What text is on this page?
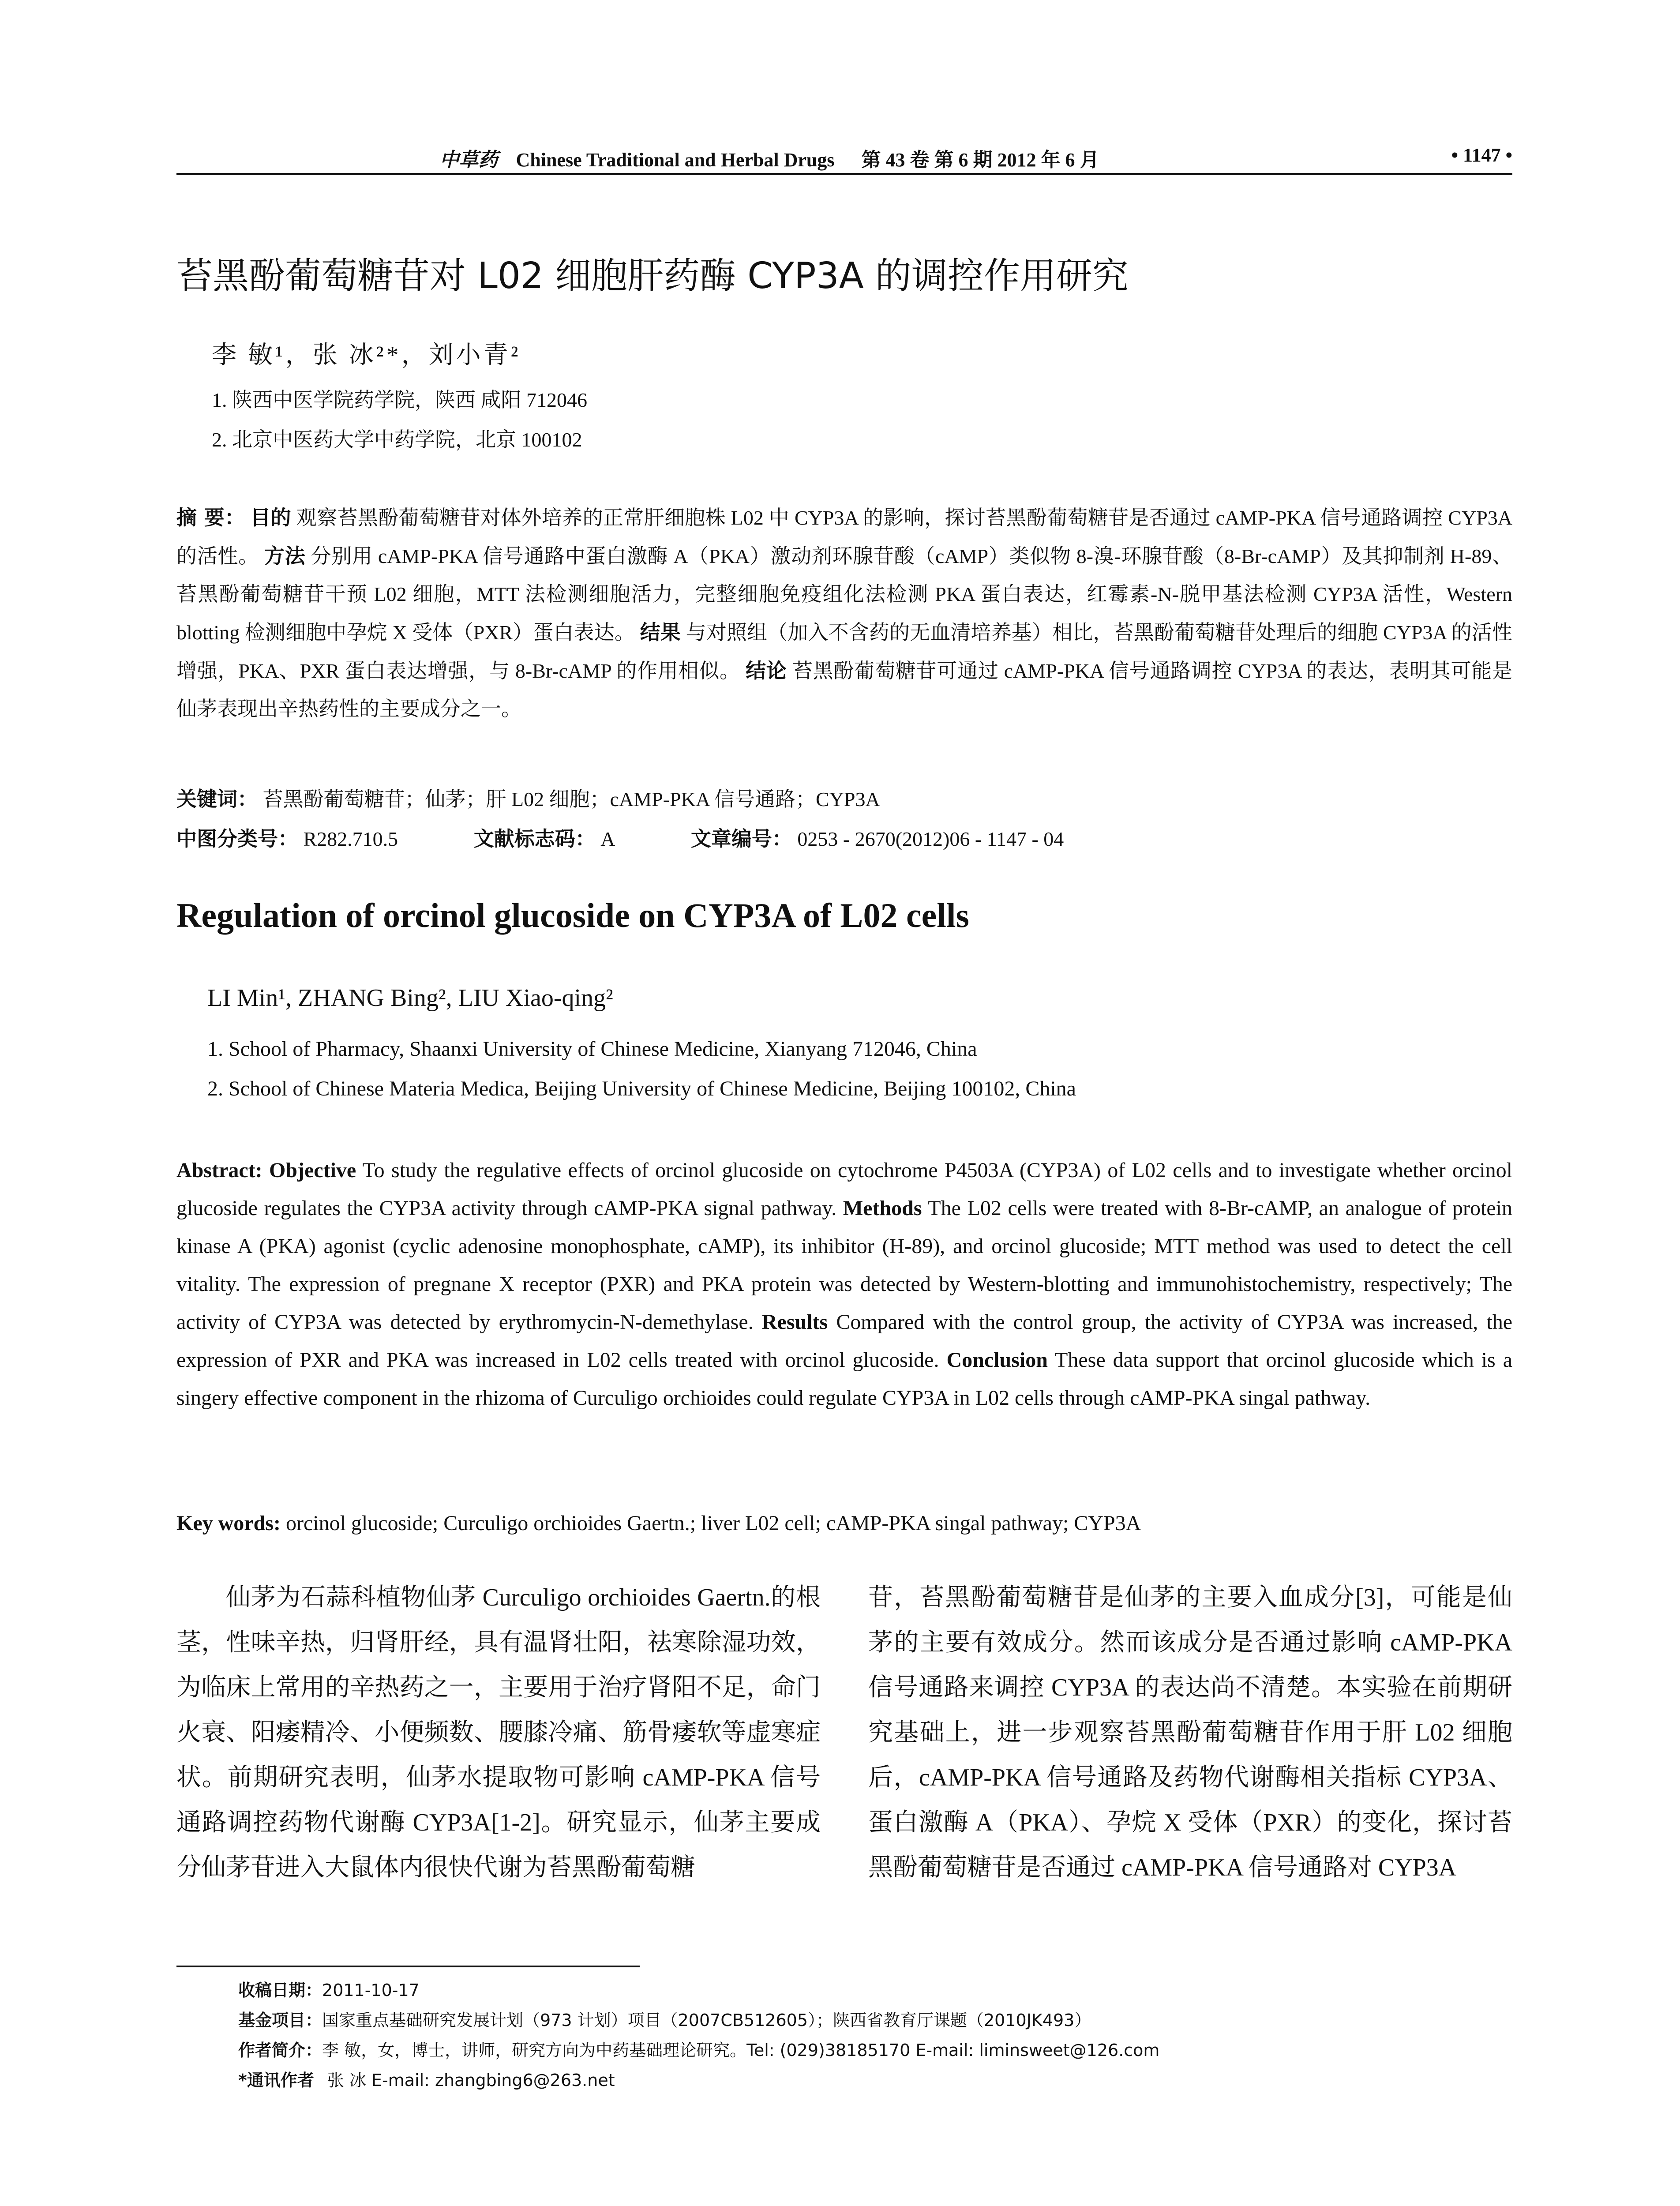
中草药 Chinese Traditional and Herbal Drugs 第 43 卷 第 6 期 2012 年 6 月	• 1147 •
苔黑酚葡萄糖苷对 L02 细胞肝药酶 CYP3A 的调控作用研究
李 敏¹，张 冰²*，刘小青²
1. 陕西中医学院药学院，陕西 咸阳 712046
2. 北京中医药大学中药学院，北京 100102
摘 要： 目的 观察苔黑酚葡萄糖苷对体外培养的正常肝细胞株 L02 中 CYP3A 的影响，探讨苔黑酚葡萄糖苷是否通过 cAMP-PKA 信号通路调控 CYP3A 的活性。 方法 分别用 cAMP-PKA 信号通路中蛋白激酶 A（PKA）激动剂环腺苷酸（cAMP）类似物 8-溴-环腺苷酸（8-Br-cAMP）及其抑制剂 H-89、苔黑酚葡萄糖苷干预 L02 细胞，MTT 法检测细胞活力，完整细胞免疫组化法检测 PKA 蛋白表达，红霉素-N-脱甲基法检测 CYP3A 活性，Western blotting 检测细胞中孕烷 X 受体（PXR）蛋白表达。 结果 与对照组（加入不含药的无血清培养基）相比，苔黑酚葡萄糖苷处理后的细胞 CYP3A 的活性增强，PKA、PXR 蛋白表达增强，与 8-Br-cAMP 的作用相似。 结论 苔黑酚葡萄糖苷可通过 cAMP-PKA 信号通路调控 CYP3A 的表达，表明其可能是仙茅表现出辛热药性的主要成分之一。
关键词： 苔黑酚葡萄糖苷；仙茅；肝 L02 细胞；cAMP-PKA 信号通路；CYP3A
中图分类号： R282.710.5	文献标志码： A	文章编号： 0253 - 2670(2012)06 - 1147 - 04
Regulation of orcinol glucoside on CYP3A of L02 cells
LI Min¹, ZHANG Bing², LIU Xiao-qing²
1. School of Pharmacy, Shaanxi University of Chinese Medicine, Xianyang 712046, China
2. School of Chinese Materia Medica, Beijing University of Chinese Medicine, Beijing 100102, China
Abstract: Objective To study the regulative effects of orcinol glucoside on cytochrome P4503A (CYP3A) of L02 cells and to investigate whether orcinol glucoside regulates the CYP3A activity through cAMP-PKA signal pathway. Methods The L02 cells were treated with 8-Br-cAMP, an analogue of protein kinase A (PKA) agonist (cyclic adenosine monophosphate, cAMP), its inhibitor (H-89), and orcinol glucoside; MTT method was used to detect the cell vitality. The expression of pregnane X receptor (PXR) and PKA protein was detected by Western-blotting and immunohistochemistry, respectively; The activity of CYP3A was detected by erythromycin-N-demethylase. Results Compared with the control group, the activity of CYP3A was increased, the expression of PXR and PKA was increased in L02 cells treated with orcinol glucoside. Conclusion These data support that orcinol glucoside which is a singery effective component in the rhizoma of Curculigo orchioides could regulate CYP3A in L02 cells through cAMP-PKA singal pathway.
Key words: orcinol glucoside; Curculigo orchioides Gaertn.; liver L02 cell; cAMP-PKA singal pathway; CYP3A
仙茅为石蒜科植物仙茅 Curculigo orchioides Gaertn.的根茎，性味辛热，归肾肝经，具有温肾壮阳，祛寒除湿功效，为临床上常用的辛热药之一，主要用于治疗肾阳不足，命门火衰、阳痿精冷、小便频数、腰膝冷痛、筋骨痿软等虚寒症状。前期研究表明，仙茅水提取物可影响 cAMP-PKA 信号通路调控药物代谢酶 CYP3A[1-2]。研究显示，仙茅主要成分仙茅苷进入大鼠体内很快代谢为苔黑酚葡萄糖
苷，苔黑酚葡萄糖苷是仙茅的主要入血成分[3]，可能是仙茅的主要有效成分。然而该成分是否通过影响 cAMP-PKA 信号通路来调控 CYP3A 的表达尚不清楚。本实验在前期研究基础上，进一步观察苔黑酚葡萄糖苷作用于肝 L02 细胞后，cAMP-PKA 信号通路及药物代谢酶相关指标 CYP3A、蛋白激酶 A（PKA）、孕烷 X 受体（PXR）的变化，探讨苔黑酚葡萄糖苷是否通过 cAMP-PKA 信号通路对 CYP3A
收稿日期：2011-10-17
基金项目：国家重点基础研究发展计划（973 计划）项目（2007CB512605）；陕西省教育厅课题（2010JK493）
作者简介：李 敏，女，博士，讲师，研究方向为中药基础理论研究。Tel: (029)38185170 E-mail: liminsweet@126.com
*通讯作者 张 冰 E-mail: zhangbing6@263.net
